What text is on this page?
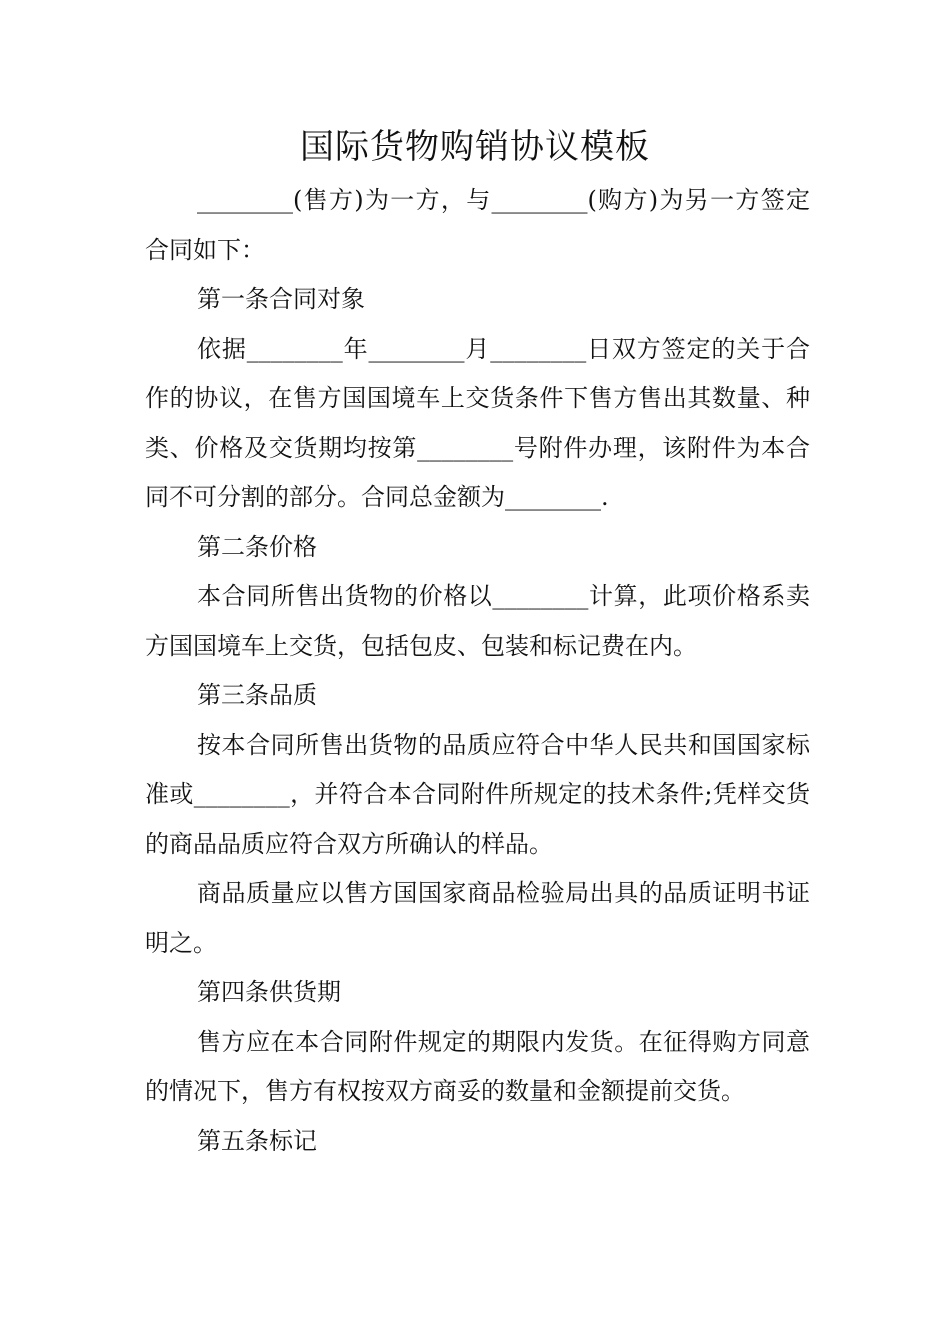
国际货物购销协议模板

________(售方)为一方，与________(购方)为另一方签定合同如下：

第一条合同对象

依据________年________月________日双方签定的关于合作的协议，在售方国国境车上交货条件下售方售出其数量、种类、价格及交货期均按第________号附件办理，该附件为本合同不可分割的部分。合同总金额为________.

第二条价格

本合同所售出货物的价格以________计算，此项价格系卖方国国境车上交货，包括包皮、包装和标记费在内。

第三条品质

按本合同所售出货物的品质应符合中华人民共和国国家标准或________，并符合本合同附件所规定的技术条件;凭样交货的商品品质应符合双方所确认的样品。

商品质量应以售方国国家商品检验局出具的品质证明书证明之。

第四条供货期

售方应在本合同附件规定的期限内发货。在征得购方同意的情况下，售方有权按双方商妥的数量和金额提前交货。

第五条标记
